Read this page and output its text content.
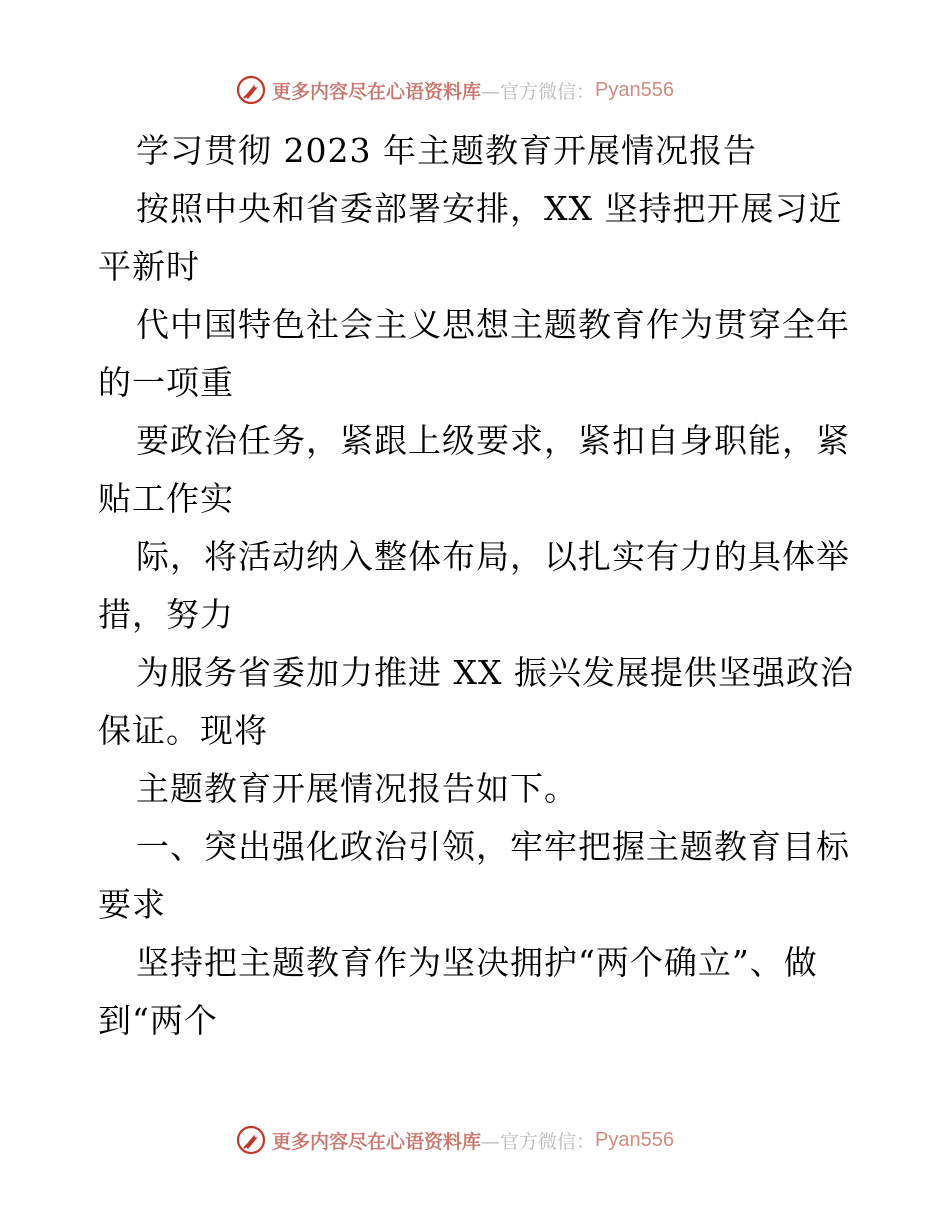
更多内容尽在心语资料库 —官方微信： Pyan556
学习贯彻 2023 年主题教育开展情况报告
按照中央和省委部署安排，XX 坚持把开展习近
平新时
代中国特色社会主义思想主题教育作为贯穿全年
的一项重
要政治任务，紧跟上级要求，紧扣自身职能，紧
贴工作实
际，将活动纳入整体布局，以扎实有力的具体举
措，努力
为服务省委加力推进 XX 振兴发展提供坚强政治
保证。现将
主题教育开展情况报告如下。
一、突出强化政治引领，牢牢把握主题教育目标
要求
坚持把主题教育作为坚决拥护“两个确立”、做
到“两个
更多内容尽在心语资料库 —官方微信： Pyan556
